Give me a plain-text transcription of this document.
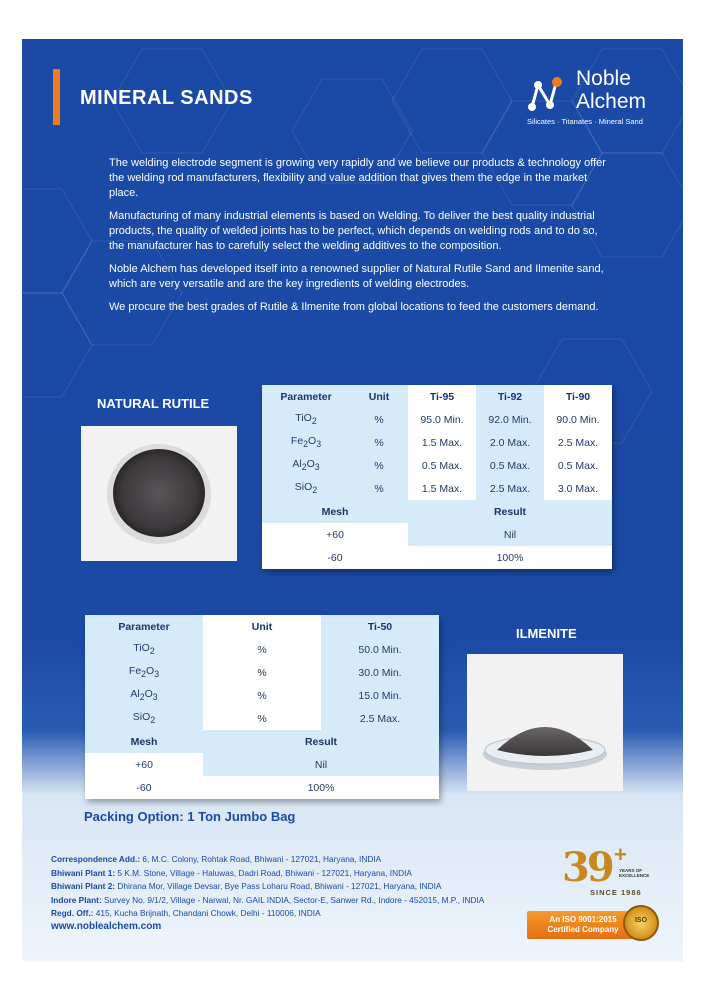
MINERAL SANDS
Noble
Alchem
Silicates · Titanates · Mineral Sand

The welding electrode segment is growing very rapidly and we believe our products & technology offer the welding rod manufacturers, flexibility and value addition that gives them the edge in the market place.

Manufacturing of many industrial elements is based on Welding. To deliver the best quality industrial products, the quality of welded joints has to be perfect, which depends on welding rods and to do so, the manufacturer has to carefully select the welding additives to the composition.

Noble Alchem has developed itself into a renowned supplier of Natural Rutile Sand and Ilmenite sand, which are very versatile and are the key ingredients of welding electrodes.

We procure the best grades of Rutile & Ilmenite from global locations to feed the customers demand.

NATURAL RUTILE	Parameter	Unit	Ti-95	Ti-92	Ti-90
TiO$_2$	%	95.0 Min.	92.0 Min.	90.0 Min.
$Fe_2O_3$	%	1.5 Max.	2.0 Max.	2.5 Max.
$Al_2O_3$	%	0.5 Max.	0.5 Max.	0.5 Max.
SiO$_2$	%	1.5 Max.	2.5 Max.	3.0 Max.
Mesh		Result		
+60		Nil		
-60		100%		
Parameter	Unit	Ti-50
TiO$_2$	%	50.0 Min.
$Fe_2O_3$	%	30.0 Min.
$Al_2O_3$	%	15.0 Min.
SiO$_2$	%	2.5 Max.
Mesh	Result	
+60	Nil	
-60	100%	
ILMENITE
Packing Option: 1 Ton Jumbo Bag
Correspondence Add.: 6, M.C. Colony, Rohtak Road, Bhiwani - 127021, Haryana, INDIA
Bhiwani Plant 1: 5 K.M. Stone, Village - Haluwas, Dadri Road, Bhiwani - 127021, Haryana, INDIA
Bhiwani Plant 2: Dhirana Mor, Village Devsar, Bye Pass Loharu Road, Bhiwani - 127021, Haryana, INDIA
Indore Plant: Survey No. 9/1/2, Village - Narwal, Nr. GAIL INDIA, Sector-E, Sanwer Rd., Indore - 452015, M.P., INDIA
Regd. Off.: 415, Kucha Brijnath, Chandani Chowk, Delhi - 110006, INDIA
www.noblealchem.com
39 +
YEARS OF EXCELLENCE
SINCE 1986
An ISO 9001:2015
Certified Company
ISO
